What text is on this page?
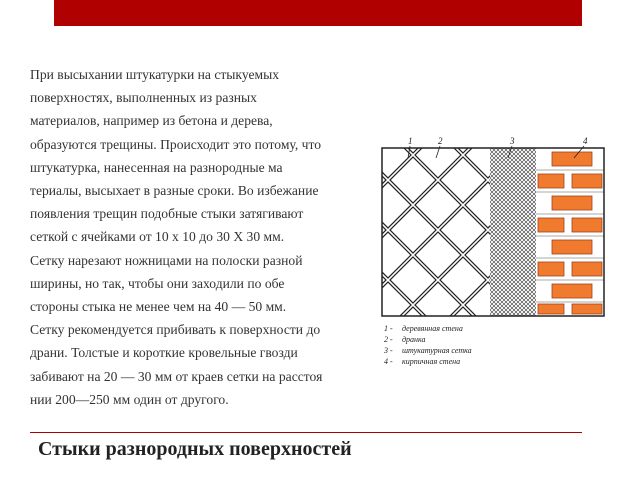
При высыхании штукатурки на стыкуемых
поверхностях, выполненных из разных
материалов, например из бетона и дерева,
образуются трещины. Происходит это потому, что
штукатурка, нанесенная на разнородные ма
териалы, высыхает в разные сроки. Во избежание
появления трещин подобные стыки затягивают
сеткой с ячейками от 10 х 10 до 30 Х 30 мм.
Сетку нарезают ножницами на полоски разной
ширины, но так, чтобы они заходили по обе
стороны стыка не менее чем на 40 — 50 мм.
Сетку рекомендуется прибивать к поверхности до
драни. Толстые и короткие кровельные гвозди
забивают на 20 — 30 мм от краев сетки на расстоя
нии 200—250 мм один от другого.

1	2	3	4
1 - деревянная стена
2 - дранка
3 - штукатурная сетка
4 - кирпичная стена
Стыки разнородных поверхностей
